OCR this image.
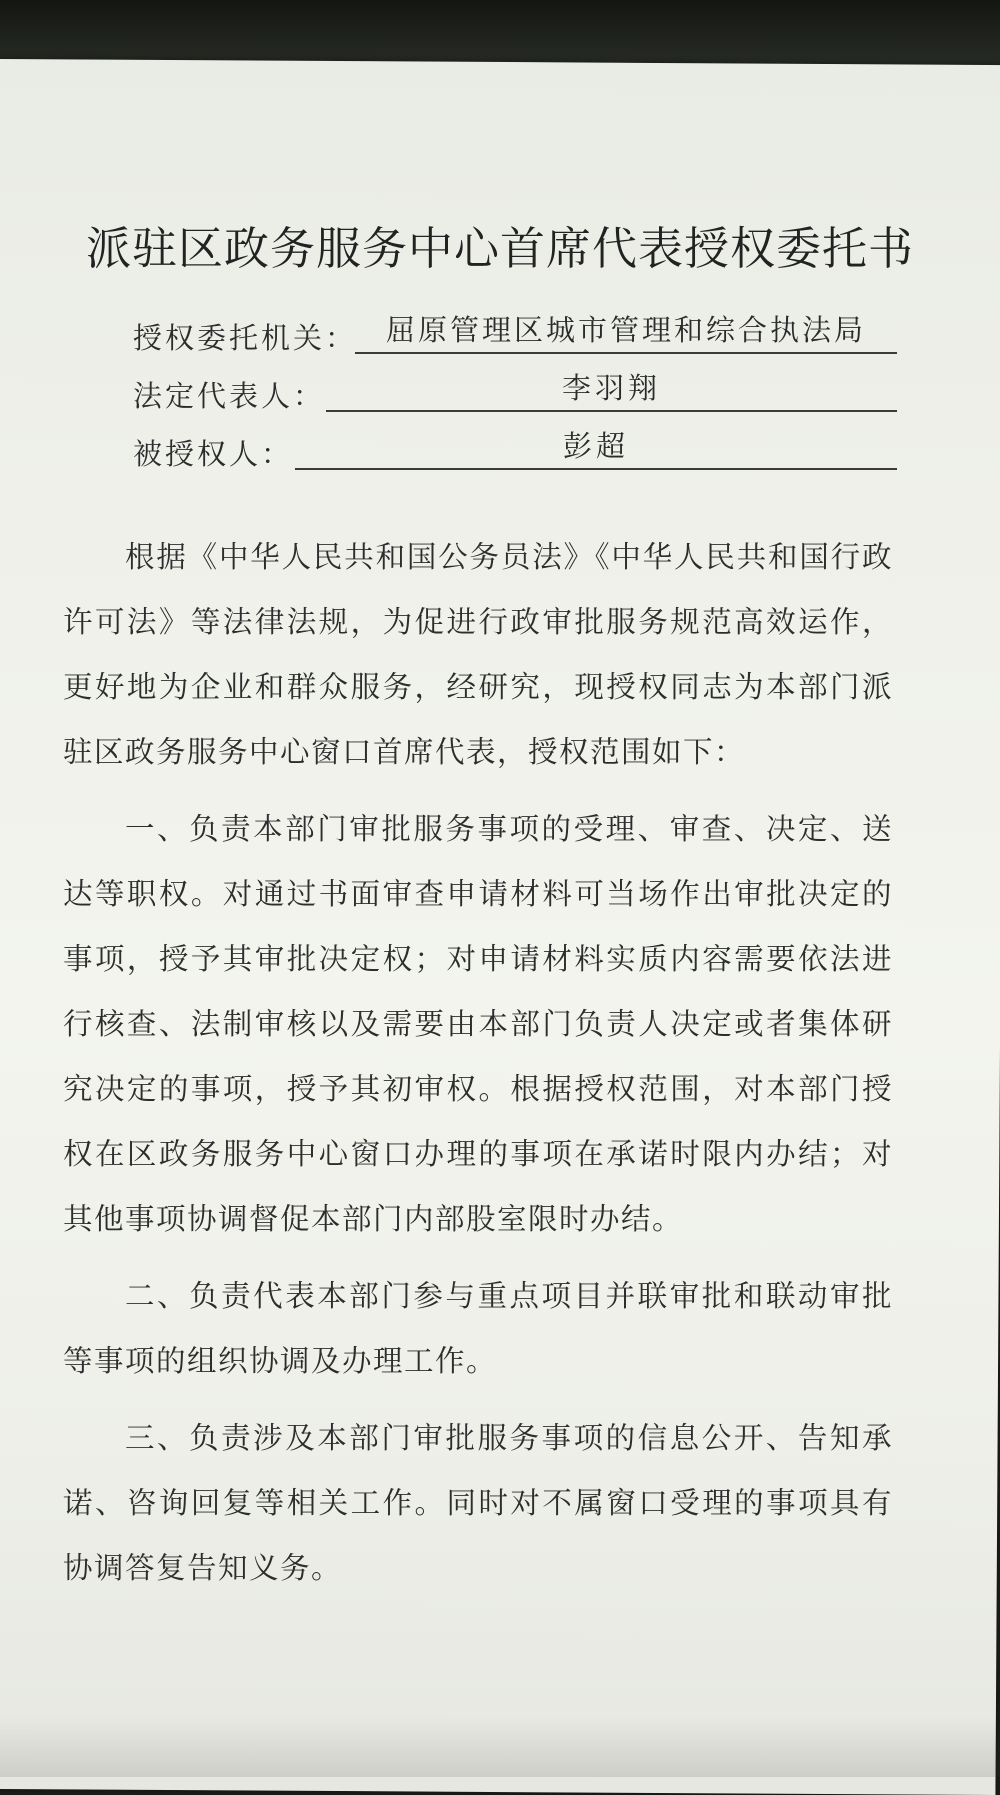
派驻区政务服务中心首席代表授权委托书
授权委托机关： 屈原管理区城市管理和综合执法局
法定代表人：	李羽翔
被授权人：	彭超

根据《中华人民共和国公务员法》《中华人民共和国行政许可法》等法律法规，为促进行政审批服务规范高效运作，更好地为企业和群众服务，经研究，现授权同志为本部门派驻区政务服务中心窗口首席代表，授权范围如下：

一、负责本部门审批服务事项的受理、审查、决定、送达等职权。对通过书面审查申请材料可当场作出审批决定的事项，授予其审批决定权；对申请材料实质内容需要依法进行核查、法制审核以及需要由本部门负责人决定或者集体研究决定的事项，授予其初审权。根据授权范围，对本部门授权在区政务服务中心窗口办理的事项在承诺时限内办结；对其他事项协调督促本部门内部股室限时办结。

二、负责代表本部门参与重点项目并联审批和联动审批等事项的组织协调及办理工作。

三、负责涉及本部门审批服务事项的信息公开、告知承诺、咨询回复等相关工作。同时对不属窗口受理的事项具有协调答复告知义务。
